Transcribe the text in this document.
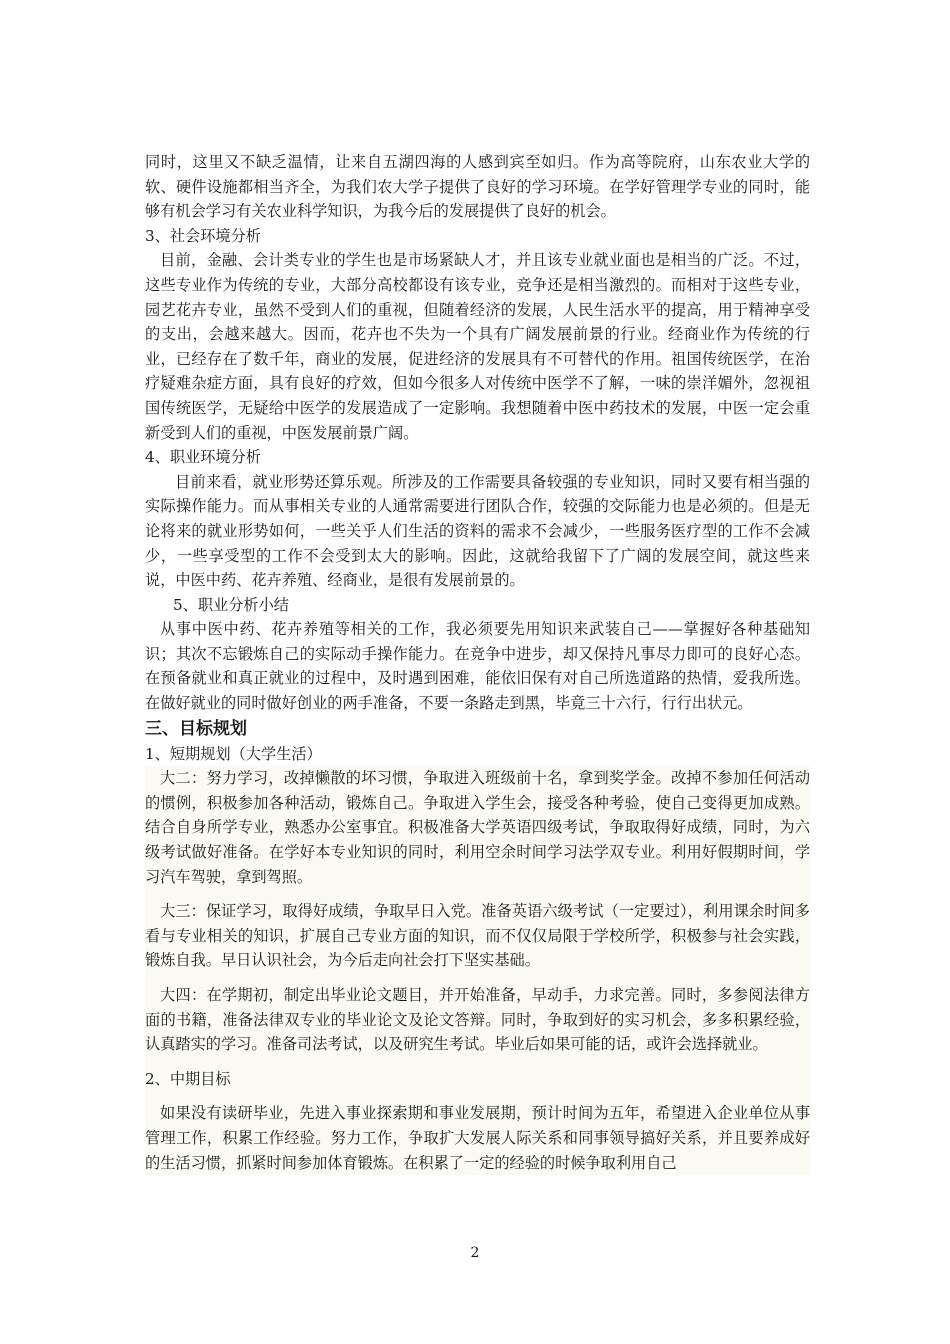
同时，这里又不缺乏温情，让来自五湖四海的人感到宾至如归。作为高等院府，山东农业大学的软、硬件设施都相当齐全，为我们农大学子提供了良好的学习环境。在学好管理学专业的同时，能够有机会学习有关农业科学知识，为我今后的发展提供了良好的机会。

3、社会环境分析

目前，金融、会计类专业的学生也是市场紧缺人才，并且该专业就业面也是相当的广泛。不过，这些专业作为传统的专业，大部分高校都设有该专业，竞争还是相当激烈的。而相对于这些专业，园艺花卉专业，虽然不受到人们的重视，但随着经济的发展，人民生活水平的提高，用于精神享受的支出，会越来越大。因而，花卉也不失为一个具有广阔发展前景的行业。经商业作为传统的行业，已经存在了数千年，商业的发展，促进经济的发展具有不可替代的作用。祖国传统医学，在治疗疑难杂症方面，具有良好的疗效，但如今很多人对传统中医学不了解，一味的崇洋媚外，忽视祖国传统医学，无疑给中医学的发展造成了一定影响。我想随着中医中药技术的发展，中医一定会重新受到人们的重视，中医发展前景广阔。

4、职业环境分析

目前来看，就业形势还算乐观。所涉及的工作需要具备较强的专业知识，同时又要有相当强的实际操作能力。而从事相关专业的人通常需要进行团队合作，较强的交际能力也是必须的。但是无论将来的就业形势如何，一些关乎人们生活的资料的需求不会减少，一些服务医疗型的工作不会减少，一些享受型的工作不会受到太大的影响。因此，这就给我留下了广阔的发展空间，就这些来说，中医中药、花卉养殖、经商业，是很有发展前景的。

5、职业分析小结

从事中医中药、花卉养殖等相关的工作，我必须要先用知识来武装自己——掌握好各种基础知识；其次不忘锻炼自己的实际动手操作能力。在竞争中进步，却又保持凡事尽力即可的良好心态。在预备就业和真正就业的过程中，及时遇到困难，能依旧保有对自己所选道路的热情，爱我所选。在做好就业的同时做好创业的两手准备，不要一条路走到黑，毕竟三十六行，行行出状元。

三、目标规划

1、短期规划（大学生活）

大二：努力学习，改掉懒散的坏习惯，争取进入班级前十名，拿到奖学金。改掉不参加任何活动的惯例，积极参加各种活动，锻炼自己。争取进入学生会，接受各种考验，使自己变得更加成熟。结合自身所学专业，熟悉办公室事宜。积极准备大学英语四级考试，争取取得好成绩，同时，为六级考试做好准备。在学好本专业知识的同时，利用空余时间学习法学双专业。利用好假期时间，学习汽车驾驶，拿到驾照。

大三：保证学习，取得好成绩，争取早日入党。准备英语六级考试（一定要过），利用课余时间多看与专业相关的知识，扩展自己专业方面的知识，而不仅仅局限于学校所学，积极参与社会实践，锻炼自我。早日认识社会，为今后走向社会打下坚实基础。

大四：在学期初，制定出毕业论文题目，并开始准备，早动手，力求完善。同时，多参阅法律方面的书籍，准备法律双专业的毕业论文及论文答辩。同时，争取到好的实习机会，多多积累经验，认真踏实的学习。准备司法考试，以及研究生考试。毕业后如果可能的话，或许会选择就业。

2、中期目标

如果没有读研毕业，先进入事业探索期和事业发展期，预计时间为五年，希望进入企业单位从事管理工作，积累工作经验。努力工作，争取扩大发展人际关系和同事领导搞好关系，并且要养成好的生活习惯，抓紧时间参加体育锻炼。在积累了一定的经验的时候争取利用自己

2
